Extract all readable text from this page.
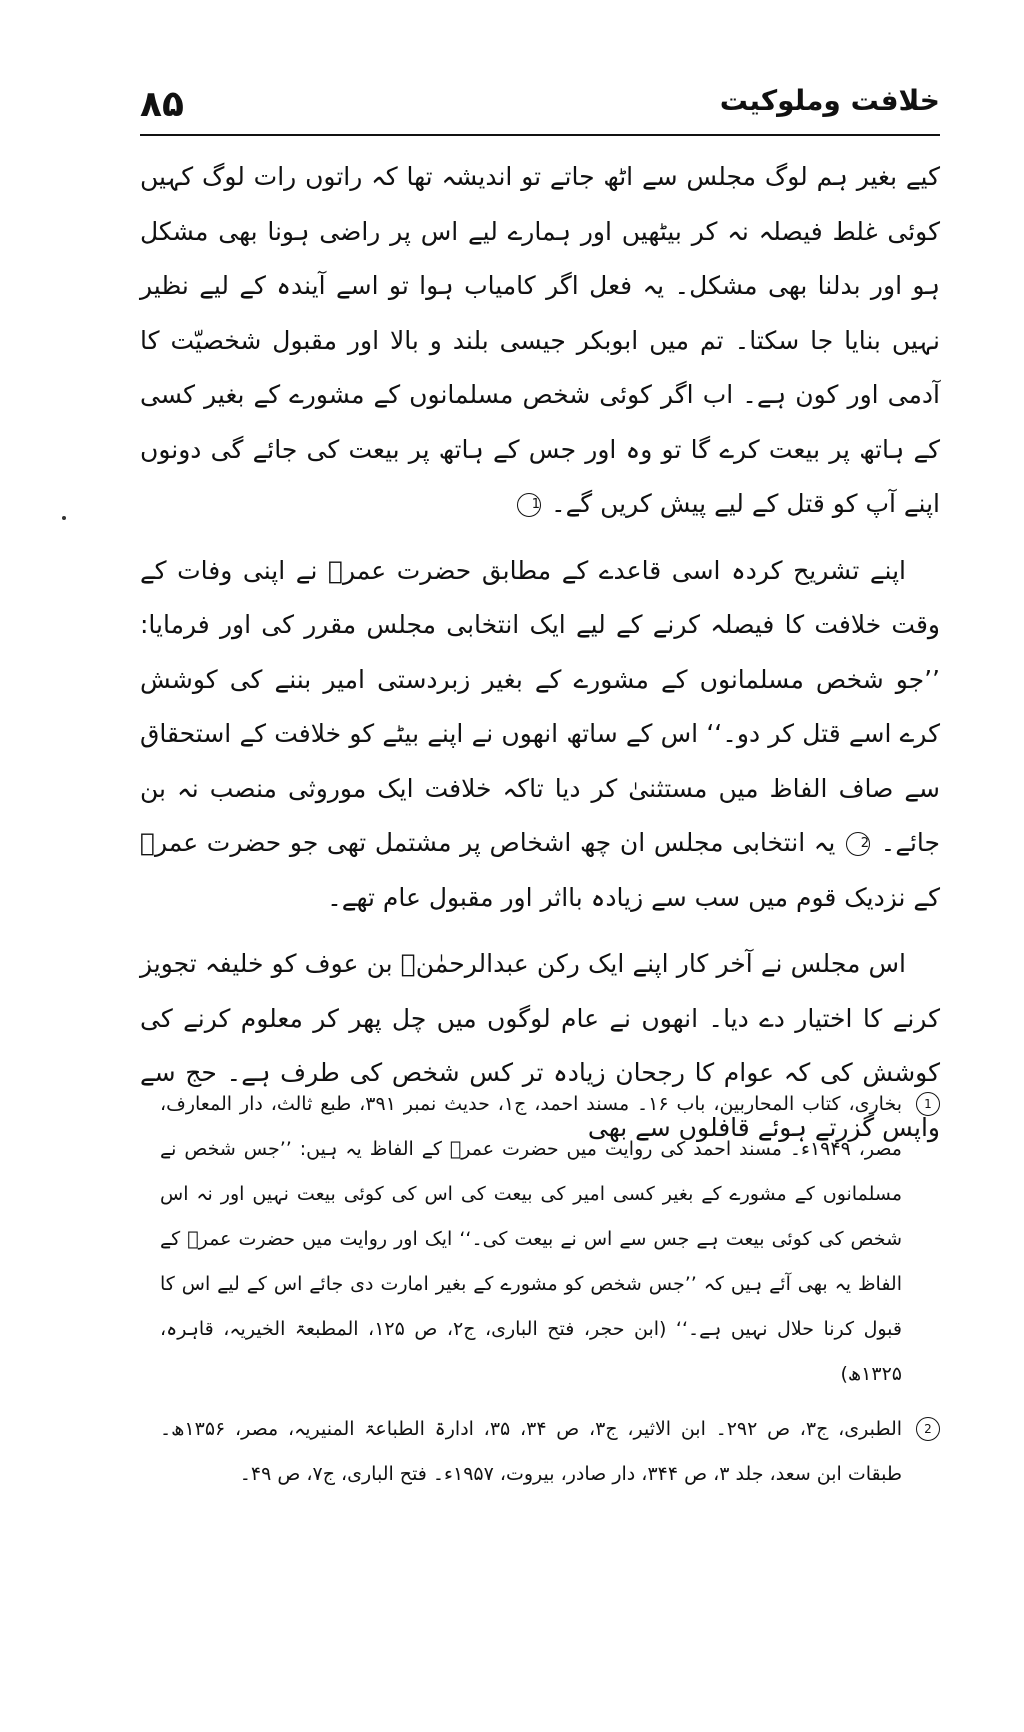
۸۵	خلافت وملوکیت

کیے بغیر ہم لوگ مجلس سے اٹھ جاتے تو اندیشہ تھا کہ راتوں رات لوگ کہیں کوئی غلط فیصلہ نہ کر بیٹھیں اور ہمارے لیے اس پر راضی ہونا بھی مشکل ہو اور بدلنا بھی مشکل۔ یہ فعل اگر کامیاب ہوا تو اسے آیندہ کے لیے نظیر نہیں بنایا جا سکتا۔ تم میں ابوبکر جیسی بلند و بالا اور مقبول شخصیّت کا آدمی اور کون ہے۔ اب اگر کوئی شخص مسلمانوں کے مشورے کے بغیر کسی کے ہاتھ پر بیعت کرے گا تو وہ اور جس کے ہاتھ پر بیعت کی جائے گی دونوں اپنے آپ کو قتل کے لیے پیش کریں گے۔ 1

اپنے تشریح کردہ اسی قاعدے کے مطابق حضرت عمرؓ نے اپنی وفات کے وقت خلافت کا فیصلہ کرنے کے لیے ایک انتخابی مجلس مقرر کی اور فرمایا: ’’جو شخص مسلمانوں کے مشورے کے بغیر زبردستی امیر بننے کی کوشش کرے اسے قتل کر دو۔‘‘ اس کے ساتھ انھوں نے اپنے بیٹے کو خلافت کے استحقاق سے صاف الفاظ میں مستثنیٰ کر دیا تاکہ خلافت ایک موروثی منصب نہ بن جائے۔ 2 یہ انتخابی مجلس ان چھ اشخاص پر مشتمل تھی جو حضرت عمرؓ کے نزدیک قوم میں سب سے زیادہ بااثر اور مقبول عام تھے۔

اس مجلس نے آخر کار اپنے ایک رکن عبدالرحمٰنؓ بن عوف کو خلیفہ تجویز کرنے کا اختیار دے دیا۔ انھوں نے عام لوگوں میں چل پھر کر معلوم کرنے کی کوشش کی کہ عوام کا رجحان زیادہ تر کس شخص کی طرف ہے۔ حج سے واپس گزرتے ہوئے قافلوں سے بھی

1
بخاری، کتاب المحاربین، باب ۱۶۔ مسند احمد، ج۱، حدیث نمبر ۳۹۱، طبع ثالث، دار المعارف، مصر، ۱۹۴۹ء۔ مسند احمد کی روایت میں حضرت عمرؓ کے الفاظ یہ ہیں: ’’جس شخص نے مسلمانوں کے مشورے کے بغیر کسی امیر کی بیعت کی اس کی کوئی بیعت نہیں اور نہ اس شخص کی کوئی بیعت ہے جس سے اس نے بیعت کی۔‘‘ ایک اور روایت میں حضرت عمرؓ کے الفاظ یہ بھی آئے ہیں کہ ’’جس شخص کو مشورے کے بغیر امارت دی جائے اس کے لیے اس کا قبول کرنا حلال نہیں ہے۔‘‘ (ابن حجر، فتح الباری، ج۲، ص ۱۲۵، المطبعۃ الخیریہ، قاہرہ، ۱۳۲۵ھ)
2
الطبری، ج۳، ص ۲۹۲۔ ابن الاثیر، ج۳، ص ۳۴، ۳۵، ادارۃ الطباعۃ المنیریہ، مصر، ۱۳۵۶ھ۔ طبقات ابن سعد، جلد ۳، ص ۳۴۴، دار صادر، بیروت، ۱۹۵۷ء۔ فتح الباری، ج۷، ص ۴۹۔
